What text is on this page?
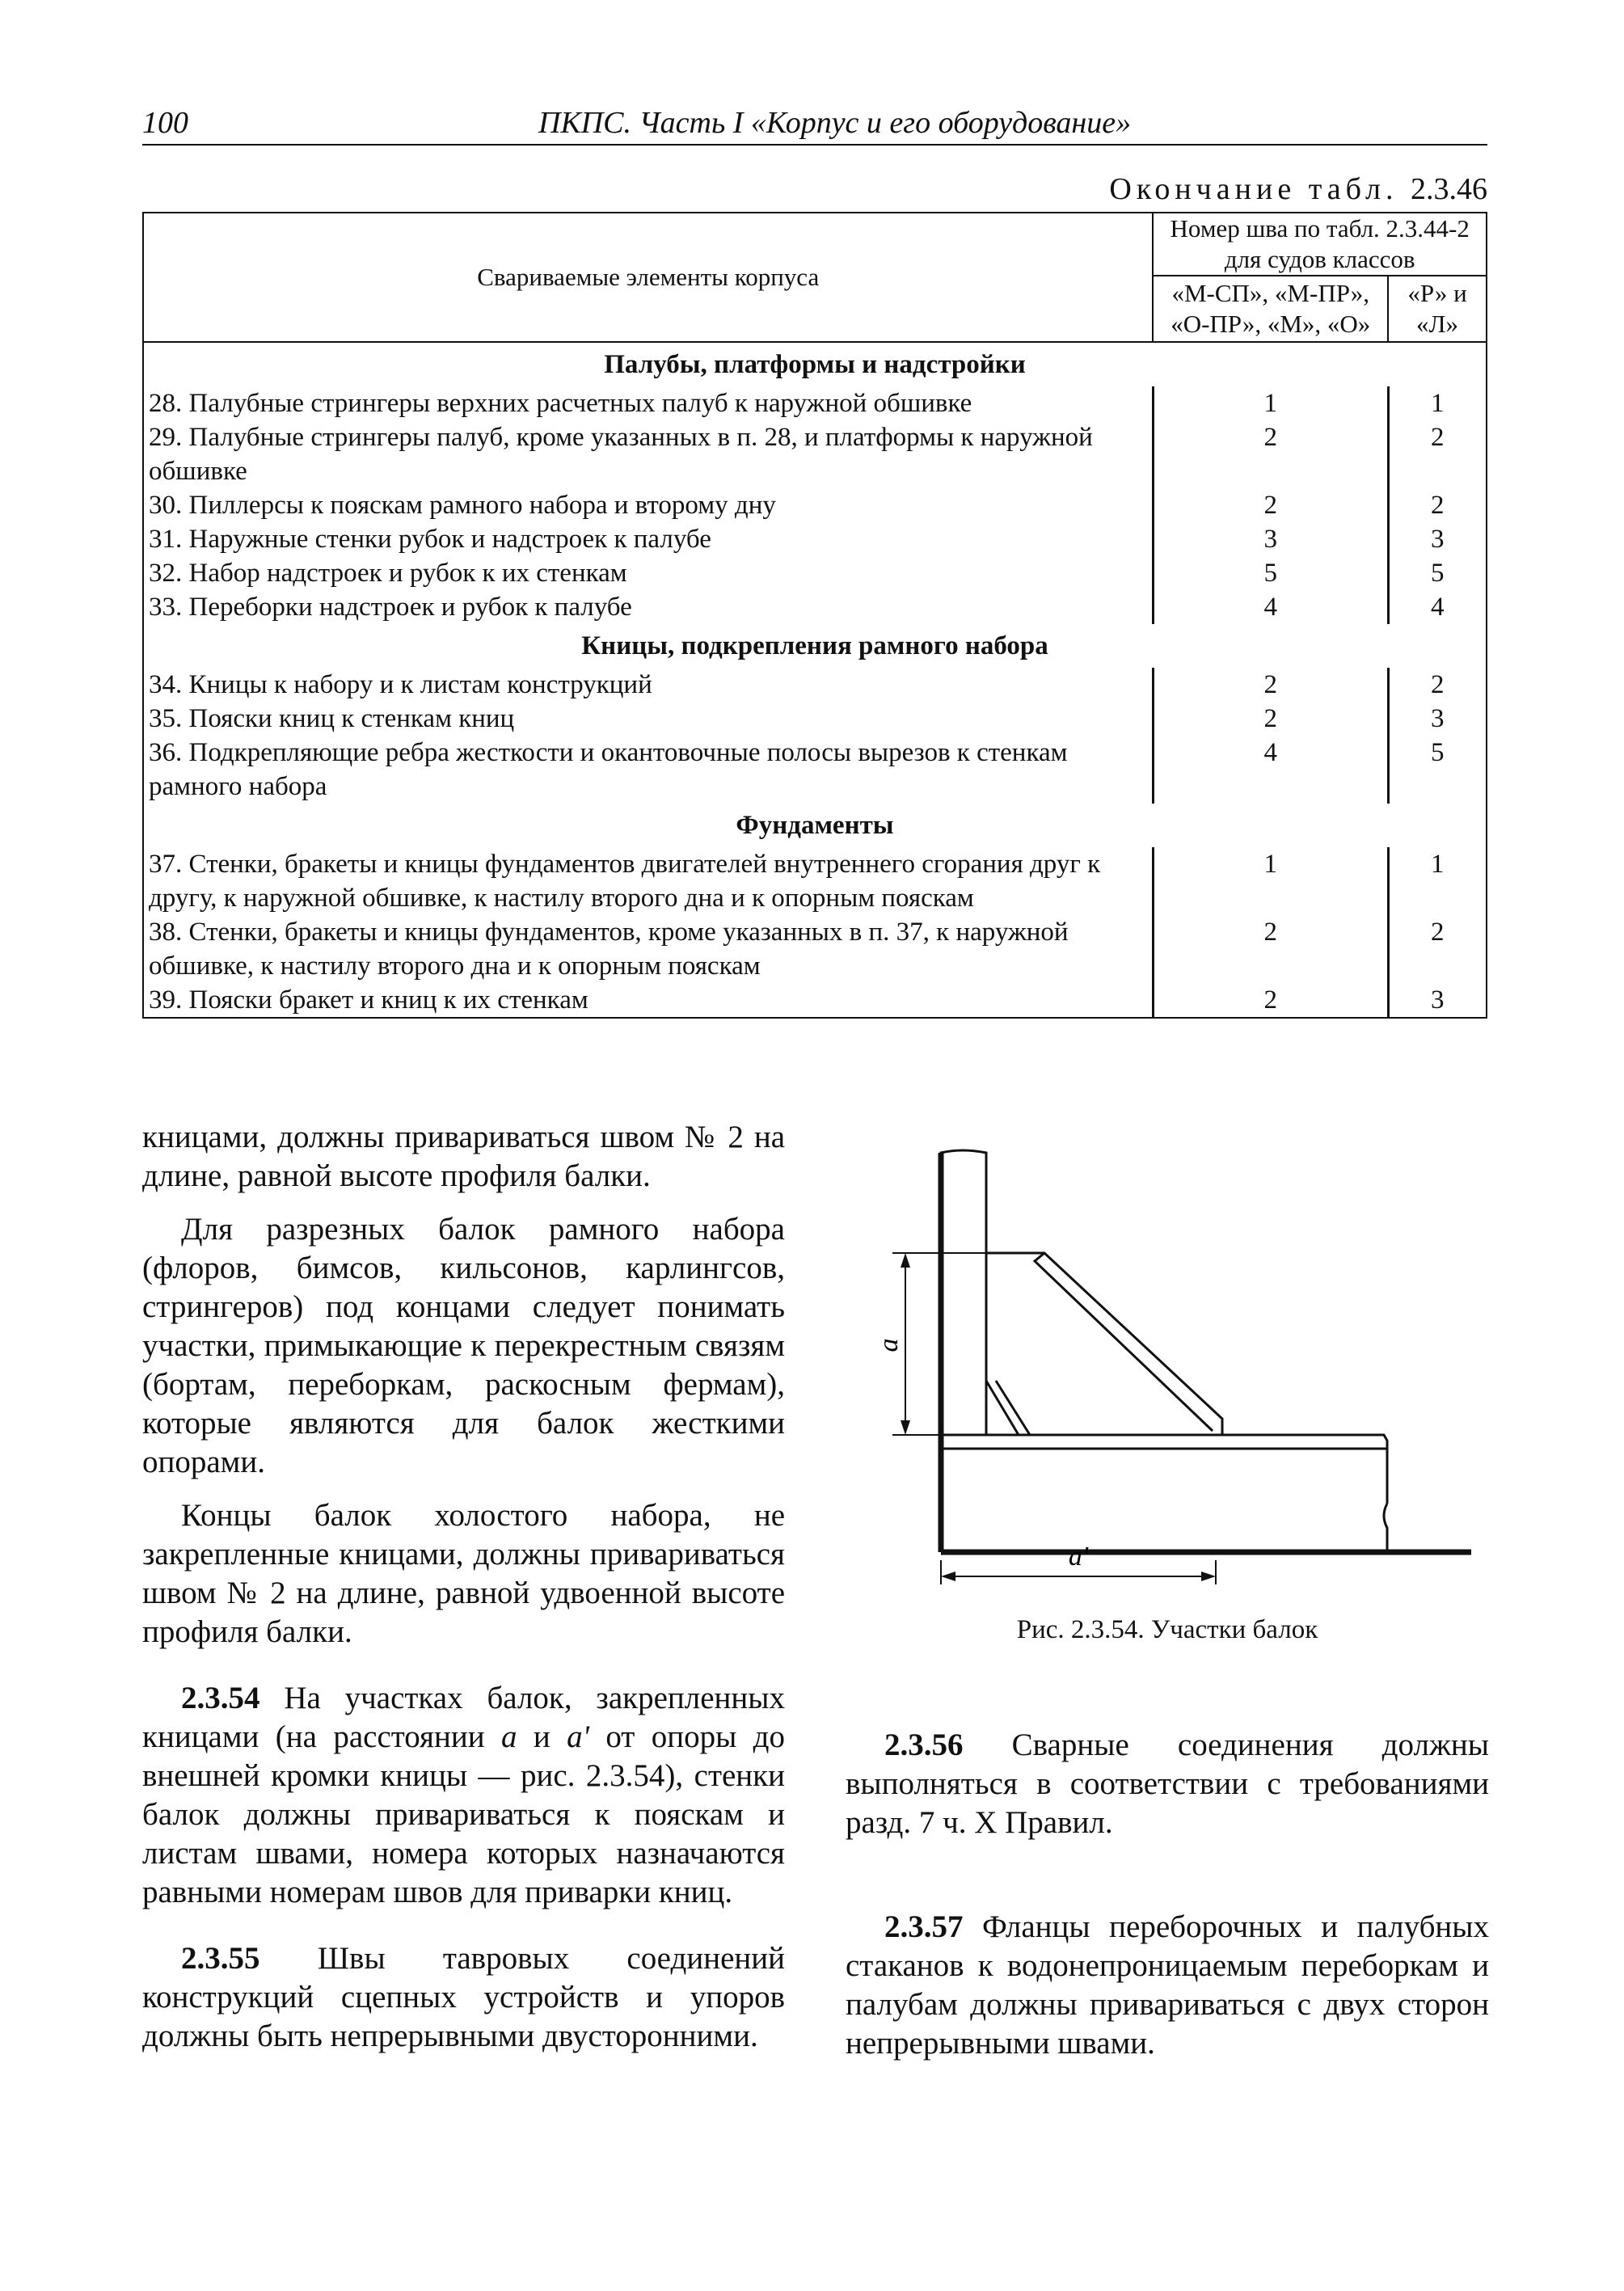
100	ПКПС. Часть I «Корпус и его оборудование»
Окончание табл. 2.3.46
Свариваемые элементы корпуса	Номер шва по табл. 2.3.44-2 для судов классов	
	«М-СП», «М-ПР», «О-ПР», «М», «О»	«Р» и «Л»
Палубы, платформы и надстройки		
28. Палубные стрингеры верхних расчетных палуб к наружной обшивке	1	1
29. Палубные стрингеры палуб, кроме указанных в п. 28, и платформы к наружной обшивке	2	2
30. Пиллерсы к пояскам рамного набора и второму дну	2	2
31. Наружные стенки рубок и надстроек к палубе	3	3
32. Набор надстроек и рубок к их стенкам	5	5
33. Переборки надстроек и рубок к палубе	4	4
Кницы, подкрепления рамного набора		
34. Кницы к набору и к листам конструкций	2	2
35. Пояски книц к стенкам книц	2	3
36. Подкрепляющие ребра жесткости и окантовочные полосы вырезов к стенкам рамного набора	4	5
Фундаменты		
37. Стенки, бракеты и кницы фундаментов двигателей внутреннего сгорания друг к другу, к наружной обшивке, к настилу второго дна и к опорным пояскам	1	1
38. Стенки, бракеты и кницы фундаментов, кроме указанных в п. 37, к наружной обшивке, к настилу второго дна и к опорным пояскам	2	2
39. Пояски бракет и книц к их стенкам	2	3

кницами, должны привариваться швом № 2 на длине, равной высоте профиля балки.

Для разрезных балок рамного набора (флоров, бимсов, кильсонов, карлингсов, стрингеров) под концами следует понимать участки, примыкающие к перекрестным связям (бортам, переборкам, раскосным фермам), которые являются для балок жесткими опорами.

Концы балок холостого набора, не закрепленные кницами, должны привариваться швом № 2 на длине, равной удвоенной высоте профиля балки.

2.3.54 На участках балок, закрепленных кницами (на расстоянии a и a' от опоры до внешней кромки кницы — рис. 2.3.54), стенки балок должны привариваться к пояскам и листам швами, номера которых назначаются равными номерам швов для приварки книц.

2.3.55 Швы тавровых соединений конструкций сцепных устройств и упоров должны быть непрерывными двусторонними.

a
a'
Рис. 2.3.54. Участки балок

2.3.56 Сварные соединения должны выполняться в соответствии с требованиями разд. 7 ч. X Правил.

2.3.57 Фланцы переборочных и палубных стаканов к водонепроницаемым переборкам и палубам должны привариваться с двух сторон непрерывными швами.
